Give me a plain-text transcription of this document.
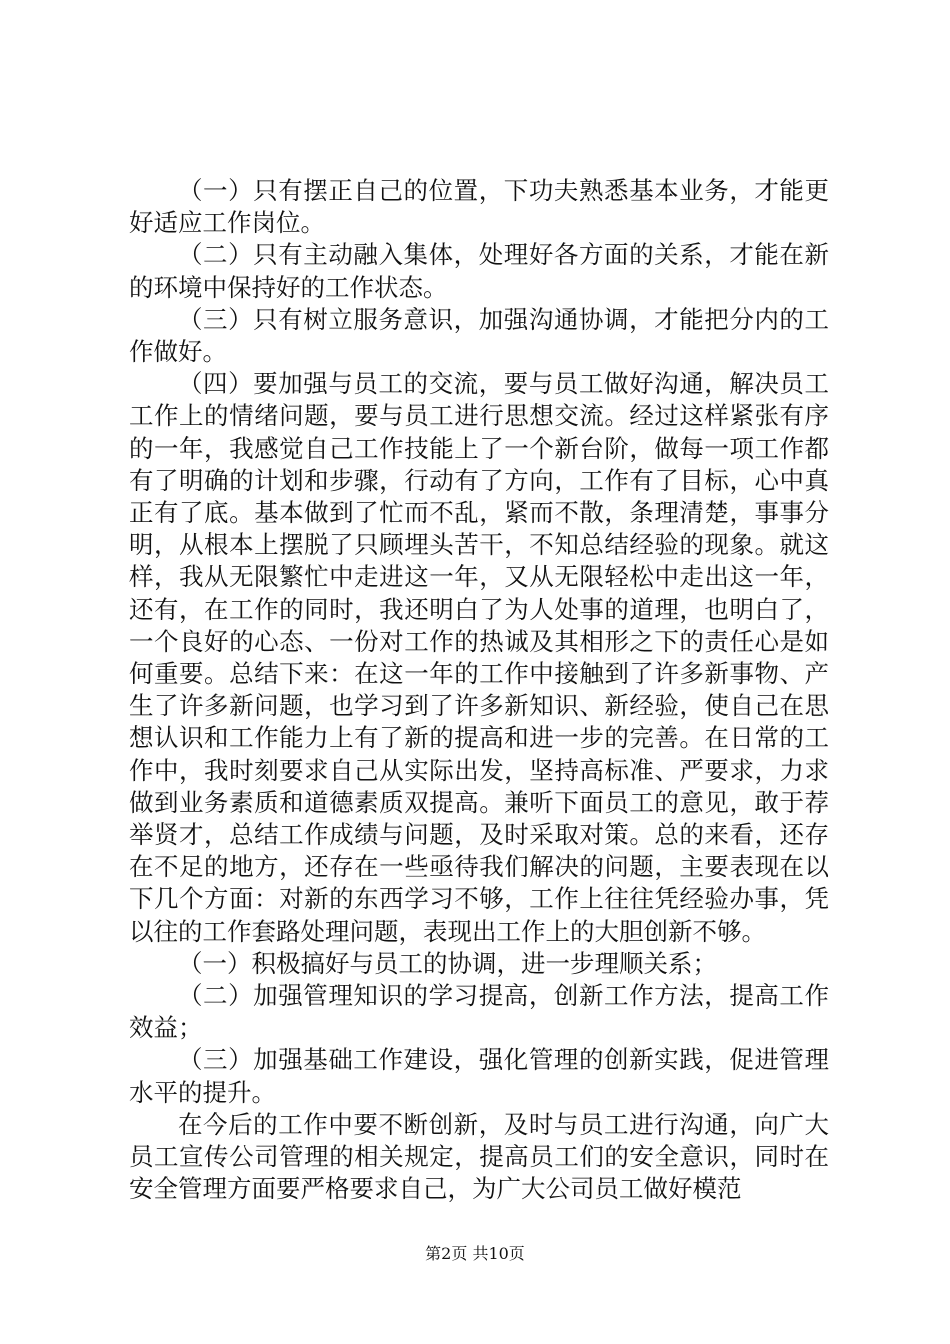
（一）只有摆正自己的位置，下功夫熟悉基本业务，才能更好适应工作岗位。

（二）只有主动融入集体，处理好各方面的关系，才能在新的环境中保持好的工作状态。

（三）只有树立服务意识，加强沟通协调，才能把分内的工作做好。

（四）要加强与员工的交流，要与员工做好沟通，解决员工工作上的情绪问题，要与员工进行思想交流。经过这样紧张有序的一年，我感觉自己工作技能上了一个新台阶，做每一项工作都有了明确的计划和步骤，行动有了方向，工作有了目标，心中真正有了底。基本做到了忙而不乱，紧而不散，条理清楚，事事分明，从根本上摆脱了只顾埋头苦干，不知总结经验的现象。就这样，我从无限繁忙中走进这一年，又从无限轻松中走出这一年，还有，在工作的同时，我还明白了为人处事的道理，也明白了，一个良好的心态、一份对工作的热诚及其相形之下的责任心是如何重要。总结下来：在这一年的工作中接触到了许多新事物、产生了许多新问题，也学习到了许多新知识、新经验，使自己在思想认识和工作能力上有了新的提高和进一步的完善。在日常的工作中，我时刻要求自己从实际出发，坚持高标准、严要求，力求做到业务素质和道德素质双提高。兼听下面员工的意见，敢于荐举贤才，总结工作成绩与问题，及时采取对策。总的来看，还存在不足的地方，还存在一些亟待我们解决的问题，主要表现在以下几个方面：对新的东西学习不够，工作上往往凭经验办事，凭以往的工作套路处理问题，表现出工作上的大胆创新不够。

（一）积极搞好与员工的协调，进一步理顺关系；

（二）加强管理知识的学习提高，创新工作方法，提高工作效益；

（三）加强基础工作建设，强化管理的创新实践，促进管理水平的提升。

在今后的工作中要不断创新，及时与员工进行沟通，向广大员工宣传公司管理的相关规定，提高员工们的安全意识，同时在安全管理方面要严格要求自己，为广大公司员工做好模范

第2页 共10页
